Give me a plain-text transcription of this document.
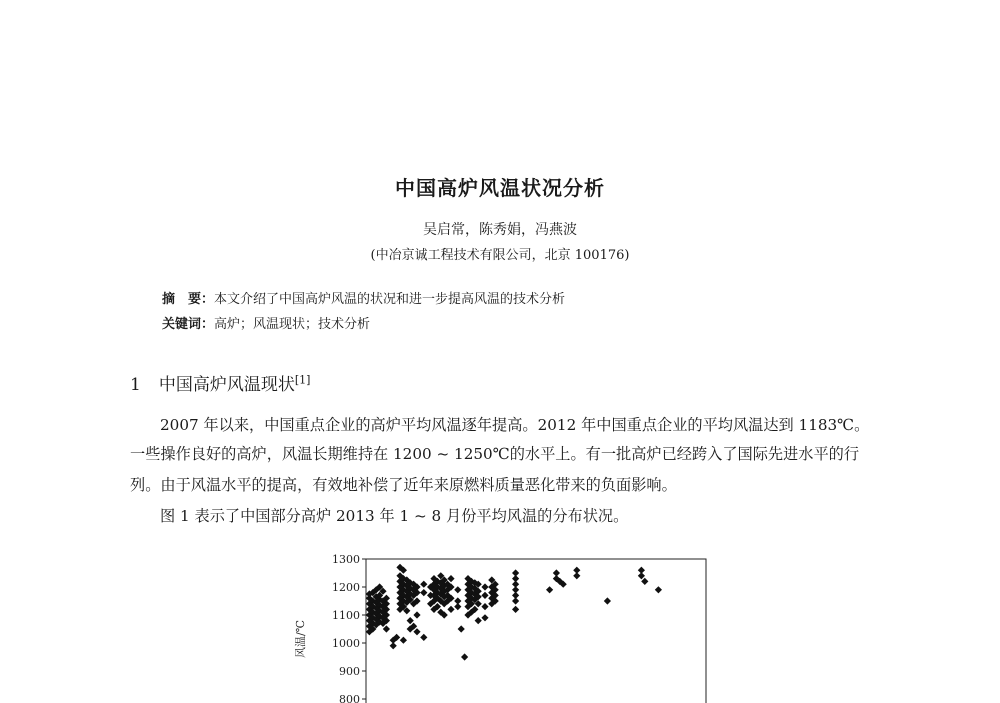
中国高炉风温状况分析
吴启常，陈秀娟，冯燕波
(中冶京诚工程技术有限公司，北京 100176)
摘　要：本文介绍了中国高炉风温的状况和进一步提高风温的技术分析
关键词：高炉；风温现状；技术分析
1 中国高炉风温现状[1]
2007 年以来，中国重点企业的高炉平均风温逐年提高。2012 年中国重点企业的平均风温达到 1183℃。
一些操作良好的高炉，风温长期维持在 1200 ~ 1250℃的水平上。有一批高炉已经跨入了国际先进水平的行
列。由于风温水平的提高，有效地补偿了近年来原燃料质量恶化带来的负面影响。
图 1 表示了中国部分高炉 2013 年 1 ~ 8 月份平均风温的分布状况。
800
900
1000
1100
1200
1300
风温/℃
